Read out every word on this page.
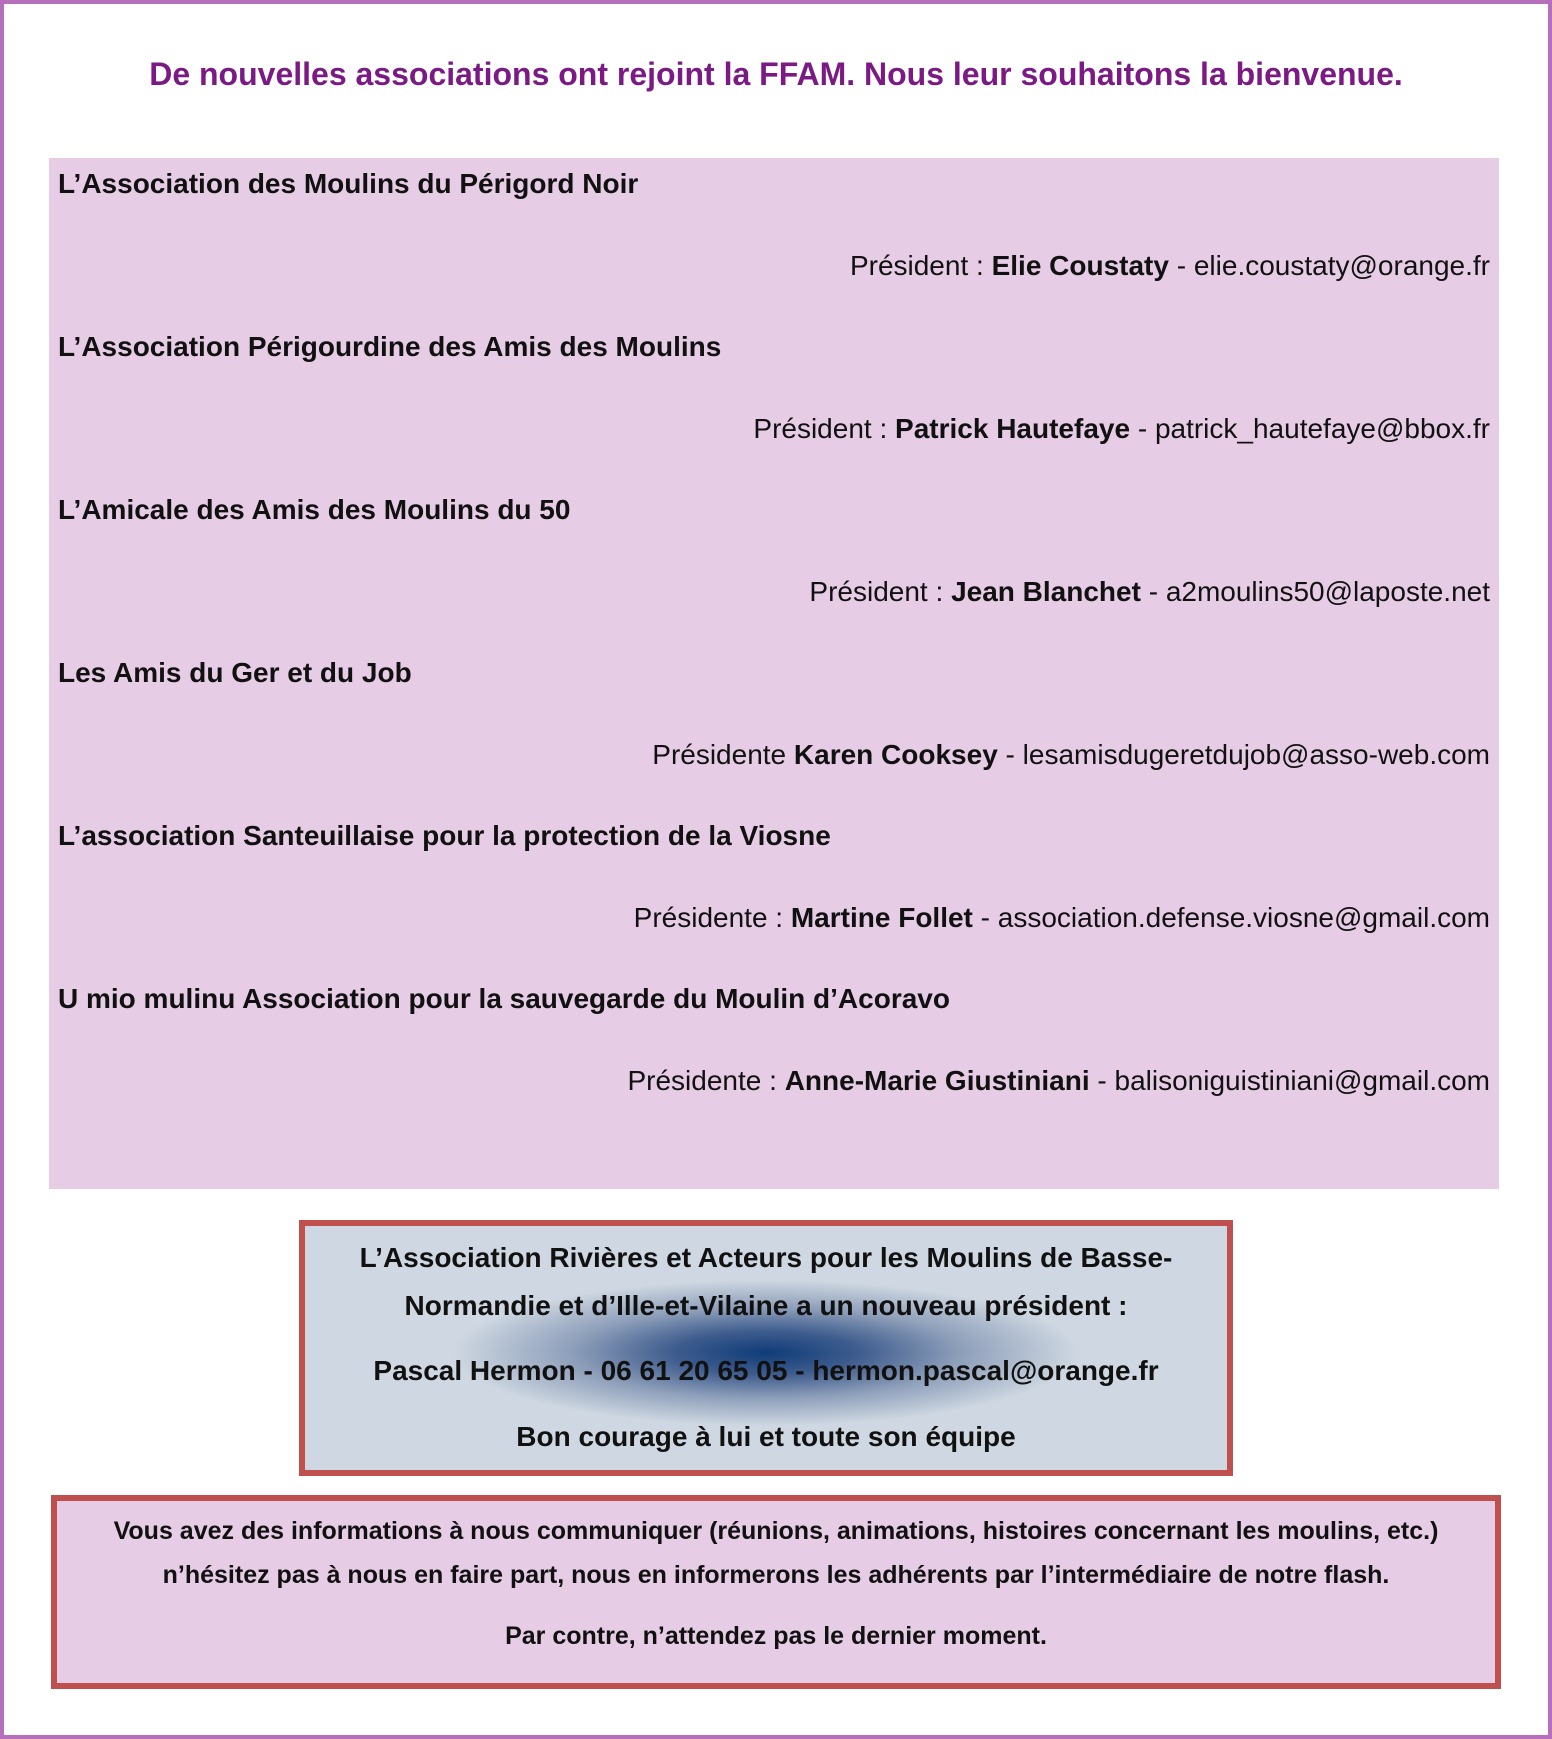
De nouvelles associations ont rejoint la FFAM. Nous leur souhaitons la bienvenue.
L’Association des Moulins du Périgord Noir
Président : Elie Coustaty - elie.coustaty@orange.fr
L’Association Périgourdine des Amis des Moulins
Président : Patrick Hautefaye - patrick_hautefaye@bbox.fr
L’Amicale des Amis des Moulins du 50
Président : Jean Blanchet - a2moulins50@laposte.net
Les Amis du Ger et du Job
Présidente Karen Cooksey - lesamisdugeretdujob@asso-web.com
L’association Santeuillaise pour la protection de la Viosne
Présidente : Martine Follet - association.defense.viosne@gmail.com
U mio mulinu Association pour la sauvegarde du Moulin d’Acoravo
Présidente : Anne-Marie Giustiniani - balisoniguistiniani@gmail.com
L’Association Rivières et Acteurs pour les Moulins de Basse-
Normandie et d’Ille-et-Vilaine a un nouveau président :
Pascal Hermon - 06 61 20 65 05 - hermon.pascal@orange.fr
Bon courage à lui et toute son équipe
Vous avez des informations à nous communiquer (réunions, animations, histoires concernant les moulins, etc.)
n’hésitez pas à nous en faire part, nous en informerons les adhérents par l’intermédiaire de notre flash.
Par contre, n’attendez pas le dernier moment.
